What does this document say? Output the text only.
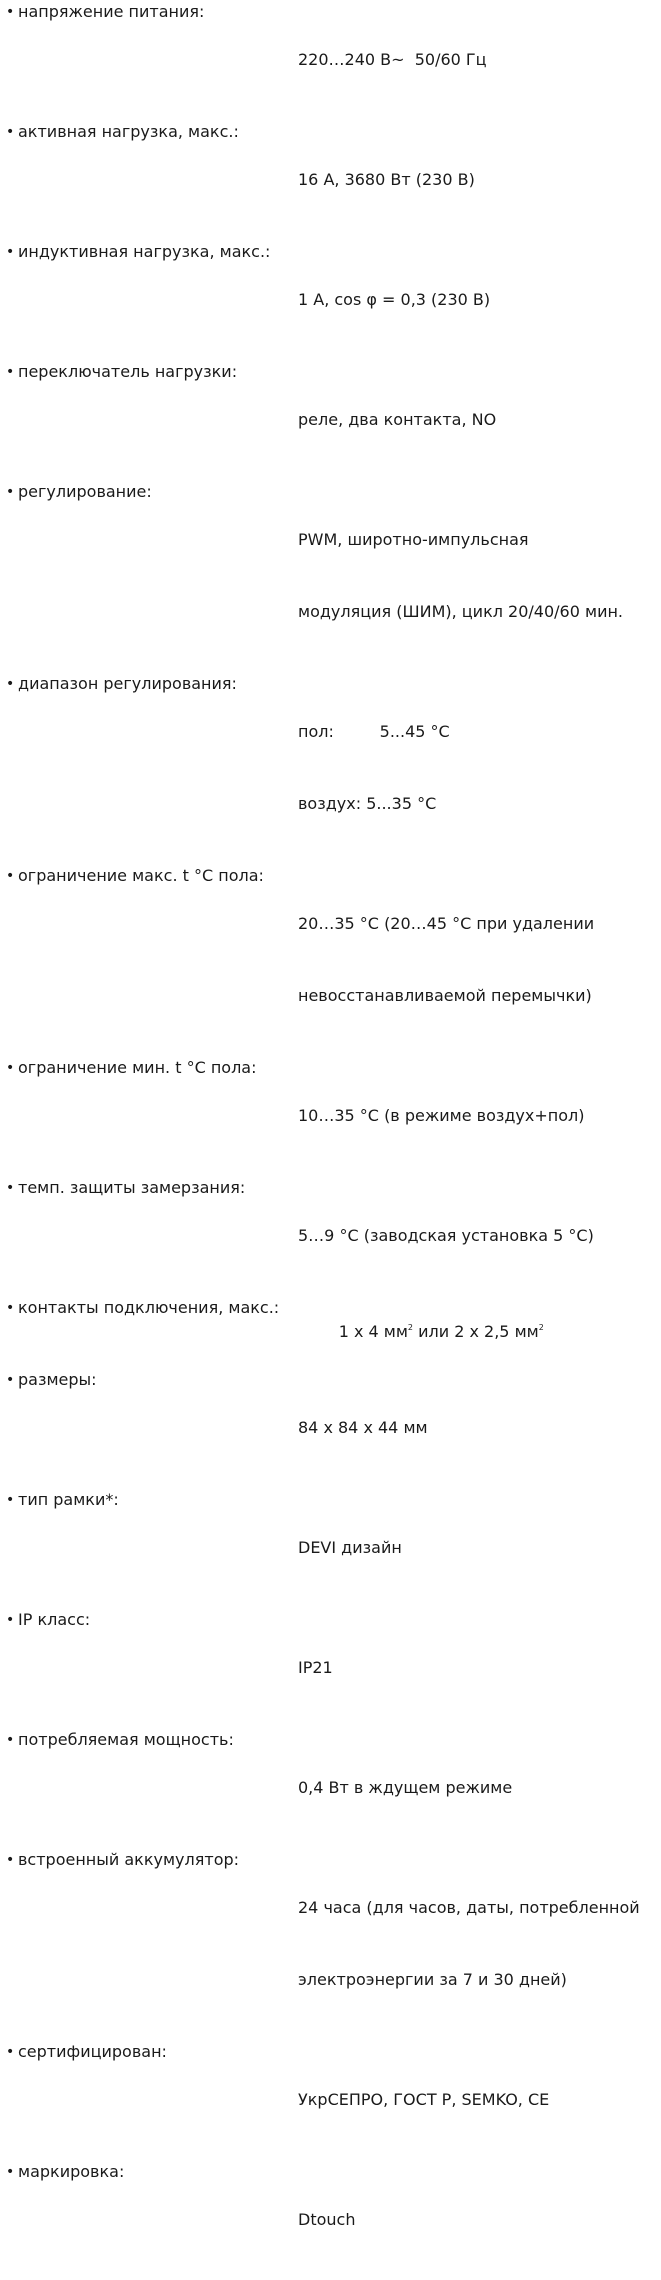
• напряжение питания:

220…240 В~  50/60 Гц

• активная нагрузка, макс.:

16 А, 3680 Вт (230 В)

• индуктивная нагрузка, макс.:

1 А, cos φ = 0,3 (230 В)

• переключатель нагрузки:

реле, два контакта, NO

• регулирование:

PWM, широтно-импульсная

модуляция (ШИМ), цикл 20/40/60 мин.

• диапазон регулирования:

пол:         5...45 °C

воздух: 5...35 °C

• ограничение макс. t °C пола:

20…35 °C (20…45 °C при удалении

невосстанавливаемой перемычки)

• ограничение мин. t °C пола:

10…35 °C (в режиме воздух+пол)

• темп. защиты замерзания:

5…9 °C (заводская установка 5 °C)

• контакты подключения, макс.:

1 x 4 $мм^2$ или 2 x 2,5 $мм^2$

• размеры:

84 x 84 x 44 мм

• тип рамки*:

DEVI дизайн

• IP класс:

IP21

• потребляемая мощность:

0,4 Вт в ждущем режиме

• встроенный аккумулятор:

24 часа (для часов, даты, потребленной

электроэнергии за 7 и 30 дней)

• сертифицирован:

УкрСЕПРО, ГОСТ Р, SEMKO, CE

• маркировка:

Dtouch
